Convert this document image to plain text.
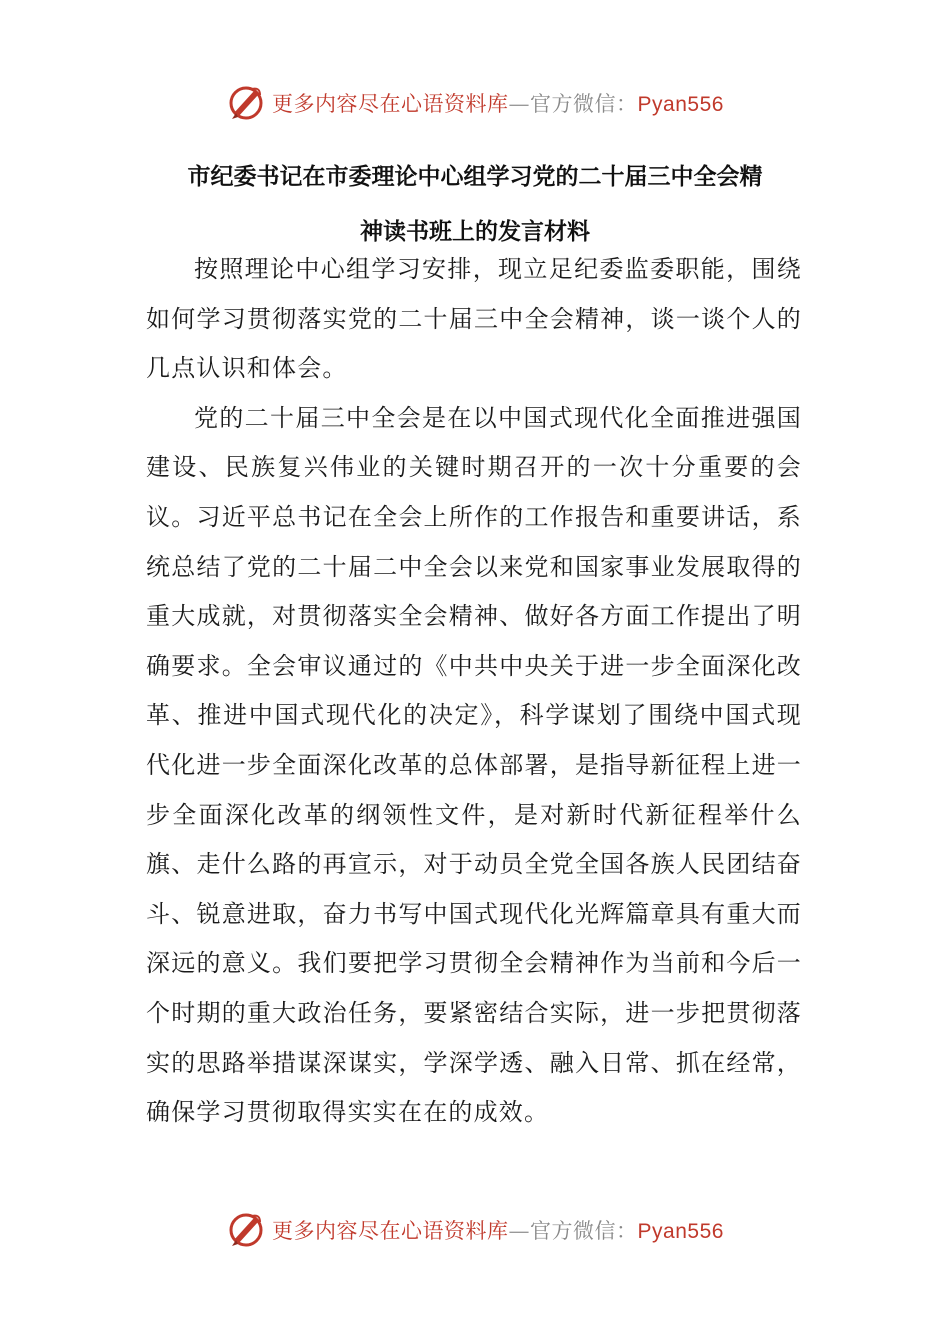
更多内容尽在心语资料库—官方微信：Pyan556
市纪委书记在市委理论中心组学习党的二十届三中全会精
神读书班上的发言材料

按照理论中心组学习安排，现立足纪委监委职能，围绕如何学习贯彻落实党的二十届三中全会精神，谈一谈个人的几点认识和体会。

党的二十届三中全会是在以中国式现代化全面推进强国建设、民族复兴伟业的关键时期召开的一次十分重要的会议。习近平总书记在全会上所作的工作报告和重要讲话，系统总结了党的二十届二中全会以来党和国家事业发展取得的重大成就，对贯彻落实全会精神、做好各方面工作提出了明确要求。全会审议通过的《中共中央关于进一步全面深化改革、推进中国式现代化的决定》，科学谋划了围绕中国式现代化进一步全面深化改革的总体部署，是指导新征程上进一步全面深化改革的纲领性文件，是对新时代新征程举什么旗、走什么路的再宣示，对于动员全党全国各族人民团结奋斗、锐意进取，奋力书写中国式现代化光辉篇章具有重大而深远的意义。我们要把学习贯彻全会精神作为当前和今后一个时期的重大政治任务，要紧密结合实际，进一步把贯彻落实的思路举措谋深谋实，学深学透、融入日常、抓在经常，确保学习贯彻取得实实在在的成效。

更多内容尽在心语资料库—官方微信：Pyan556
